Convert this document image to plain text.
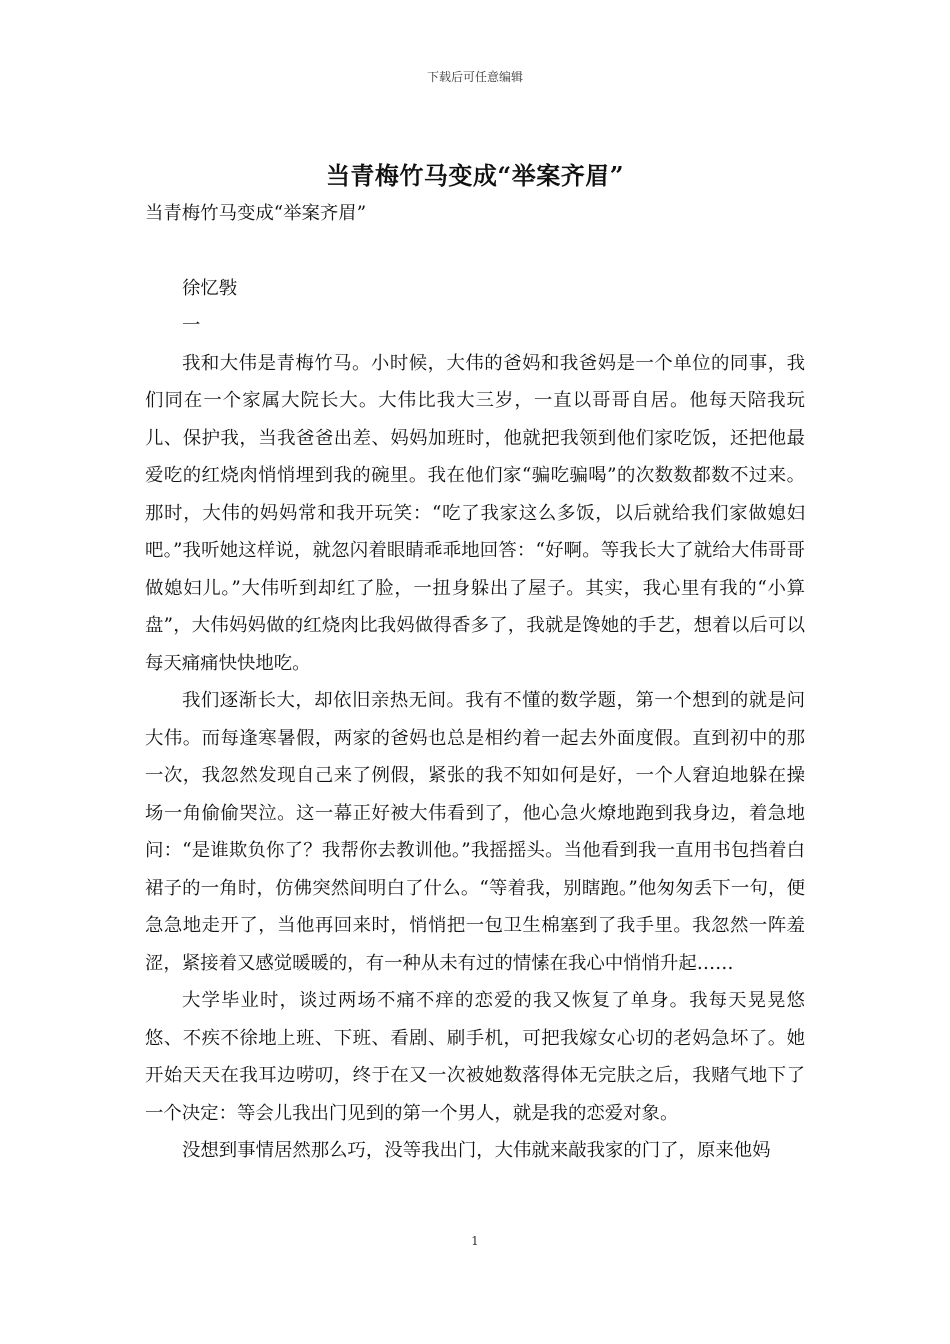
下载后可任意编辑
当青梅竹马变成“举案齐眉”

当青梅竹马变成“举案齐眉”

徐忆斅

一

我和大伟是青梅竹马。小时候，大伟的爸妈和我爸妈是一个单位的同事，我们同在一个家属大院长大。大伟比我大三岁，一直以哥哥自居。他每天陪我玩儿、保护我，当我爸爸出差、妈妈加班时，他就把我领到他们家吃饭，还把他最爱吃的红烧肉悄悄埋到我的碗里。我在他们家“骗吃骗喝”的次数数都数不过来。那时，大伟的妈妈常和我开玩笑：“吃了我家这么多饭，以后就给我们家做媳妇吧。”我听她这样说，就忽闪着眼睛乖乖地回答：“好啊。等我长大了就给大伟哥哥做媳妇儿。”大伟听到却红了脸，一扭身躲出了屋子。其实，我心里有我的“小算盘”，大伟妈妈做的红烧肉比我妈做得香多了，我就是馋她的手艺，想着以后可以每天痛痛快快地吃。

我们逐渐长大，却依旧亲热无间。我有不懂的数学题，第一个想到的就是问大伟。而每逢寒暑假，两家的爸妈也总是相约着一起去外面度假。直到初中的那一次，我忽然发现自己来了例假，紧张的我不知如何是好，一个人窘迫地躲在操场一角偷偷哭泣。这一幕正好被大伟看到了，他心急火燎地跑到我身边，着急地问：“是谁欺负你了？我帮你去教训他。”我摇摇头。当他看到我一直用书包挡着白裙子的一角时，仿佛突然间明白了什么。“等着我，别瞎跑。”他匆匆丢下一句，便急急地走开了，当他再回来时，悄悄把一包卫生棉塞到了我手里。我忽然一阵羞涩，紧接着又感觉暖暖的，有一种从未有过的情愫在我心中悄悄升起……

大学毕业时，谈过两场不痛不痒的恋爱的我又恢复了单身。我每天晃晃悠悠、不疾不徐地上班、下班、看剧、刷手机，可把我嫁女心切的老妈急坏了。她开始天天在我耳边唠叨，终于在又一次被她数落得体无完肤之后，我赌气地下了一个决定：等会儿我出门见到的第一个男人，就是我的恋爱对象。

没想到事情居然那么巧，没等我出门，大伟就来敲我家的门了，原来他妈

1
